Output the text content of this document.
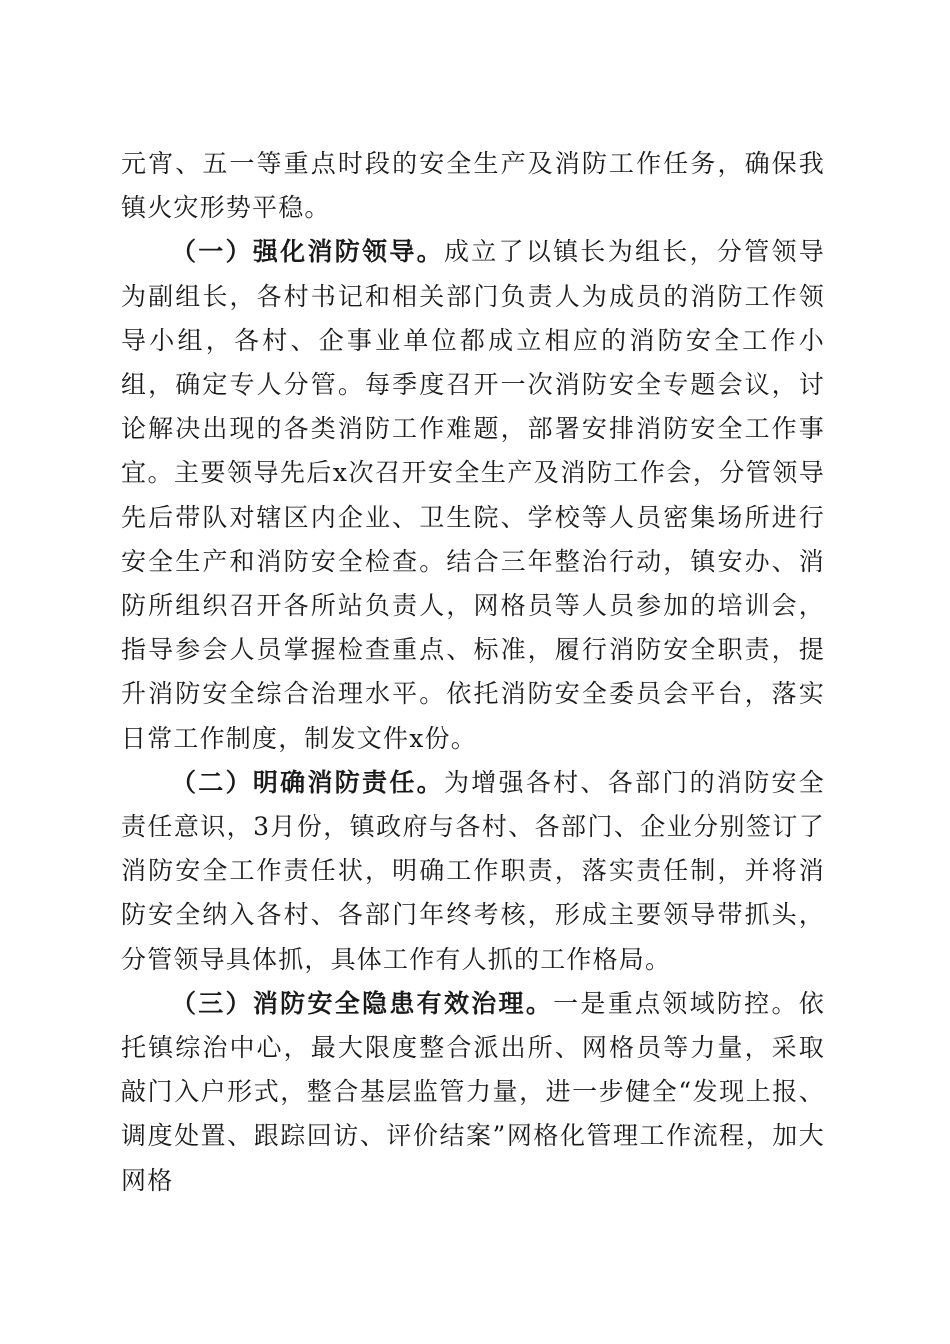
元宵、五一等重点时段的安全生产及消防工作任务，确保我镇火灾形势平稳。

（一）强化消防领导。成立了以镇长为组长，分管领导为副组长，各村书记和相关部门负责人为成员的消防工作领导小组，各村、企事业单位都成立相应的消防安全工作小组，确定专人分管。每季度召开一次消防安全专题会议，讨论解决出现的各类消防工作难题，部署安排消防安全工作事宜。主要领导先后x次召开安全生产及消防工作会，分管领导先后带队对辖区内企业、卫生院、学校等人员密集场所进行安全生产和消防安全检查。结合三年整治行动，镇安办、消防所组织召开各所站负责人，网格员等人员参加的培训会，指导参会人员掌握检查重点、标准，履行消防安全职责，提升消防安全综合治理水平。依托消防安全委员会平台，落实日常工作制度，制发文件x份。

（二）明确消防责任。为增强各村、各部门的消防安全责任意识，3月份，镇政府与各村、各部门、企业分别签订了消防安全工作责任状，明确工作职责，落实责任制，并将消防安全纳入各村、各部门年终考核，形成主要领导带抓头，分管领导具体抓，具体工作有人抓的工作格局。

（三）消防安全隐患有效治理。一是重点领域防控。依托镇综治中心，最大限度整合派出所、网格员等力量，采取敲门入户形式，整合基层监管力量，进一步健全“发现上报、调度处置、跟踪回访、评价结案”网格化管理工作流程，加大网格
